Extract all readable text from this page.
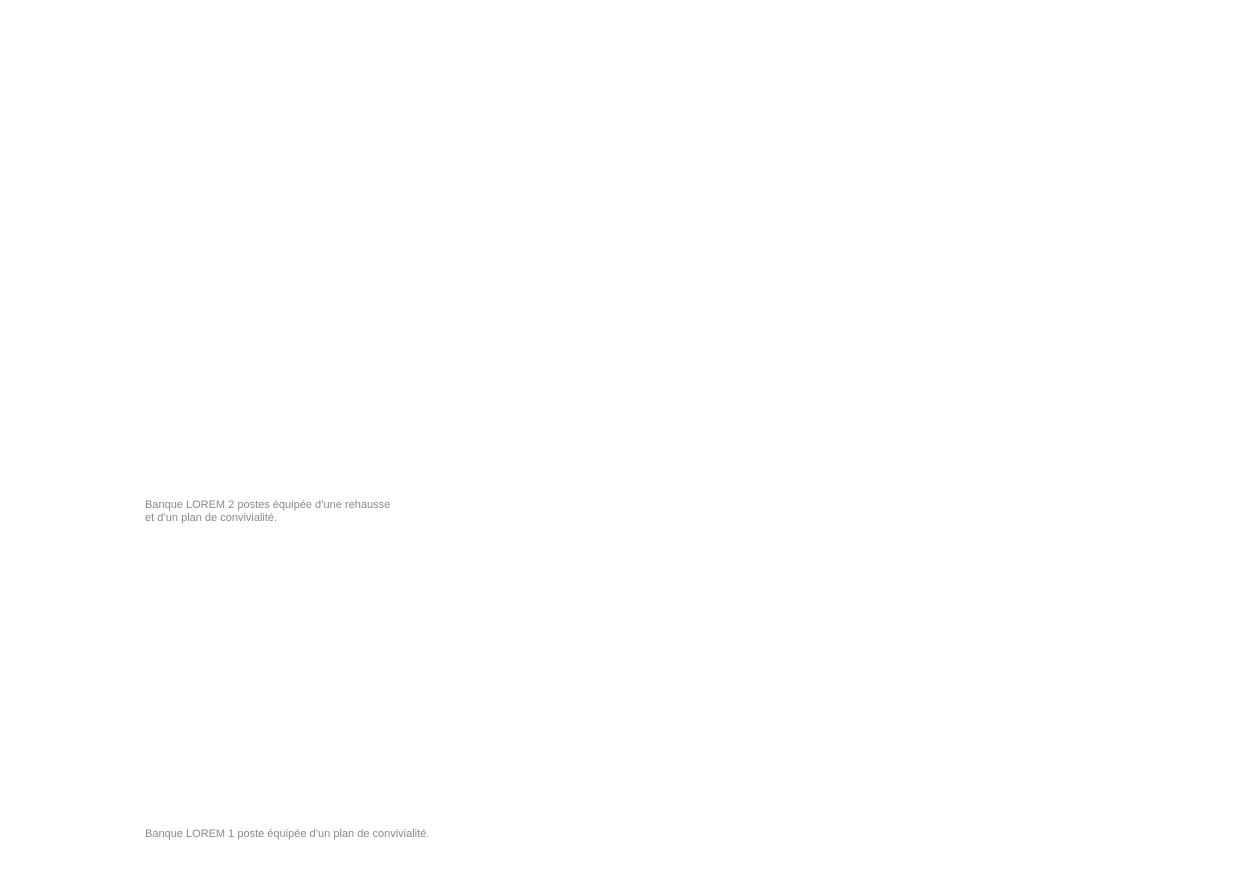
Banque LOREM 2 postes équipée d’une rehausse
et d’un plan de convivialité.
Banque LOREM 1 poste équipée d’un plan de convivialité.
